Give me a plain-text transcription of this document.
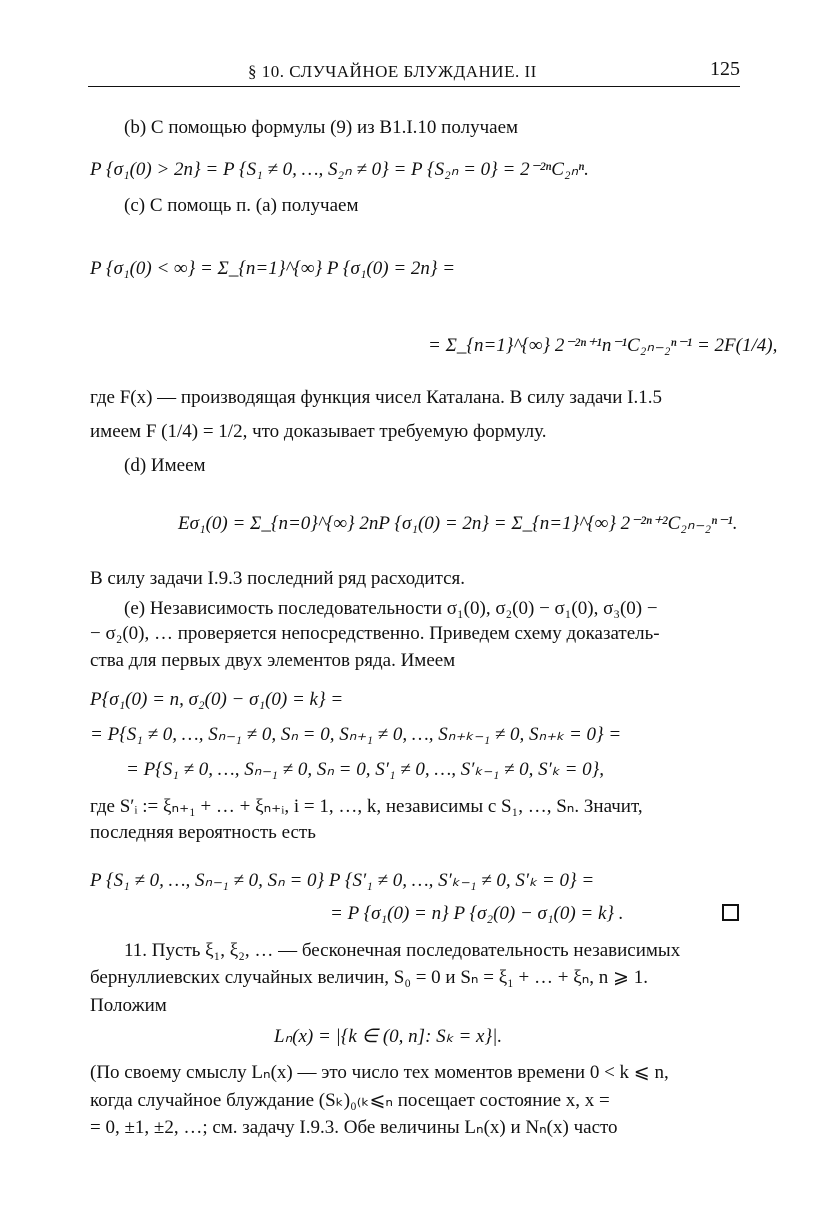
§ 10. СЛУЧАЙНОЕ БЛУЖДАНИЕ. II	125
(b) С помощью формулы (9) из В1.I.10 получаем
P {σ₁(0) > 2n} = P {S₁ ≠ 0, …, S₂ₙ ≠ 0} = P {S₂ₙ = 0} = 2⁻²ⁿC₂ₙⁿ.
(c) С помощь п. (а) получаем
P {σ₁(0) < ∞} = Σ_{n=1}^{∞} P {σ₁(0) = 2n} =
= Σ_{n=1}^{∞} 2⁻²ⁿ⁺¹n⁻¹C₂ₙ₋₂ⁿ⁻¹ = 2F(1/4),
где F(x) — производящая функция чисел Каталана. В силу задачи I.1.5
имеем F (1/4) = 1/2, что доказывает требуемую формулу.
(d) Имеем
Eσ₁(0) = Σ_{n=0}^{∞} 2nP {σ₁(0) = 2n} = Σ_{n=1}^{∞} 2⁻²ⁿ⁺²C₂ₙ₋₂ⁿ⁻¹.
В силу задачи I.9.3 последний ряд расходится.
(е) Независимость последовательности σ₁(0), σ₂(0) − σ₁(0), σ₃(0) −
− σ₂(0), … проверяется непосредственно. Приведем схему доказатель-
ства для первых двух элементов ряда. Имеем
P{σ₁(0) = n, σ₂(0) − σ₁(0) = k} =
= P{S₁ ≠ 0, …, Sₙ₋₁ ≠ 0, Sₙ = 0, Sₙ₊₁ ≠ 0, …, Sₙ₊ₖ₋₁ ≠ 0, Sₙ₊ₖ = 0} =
= P{S₁ ≠ 0, …, Sₙ₋₁ ≠ 0, Sₙ = 0, S′₁ ≠ 0, …, S′ₖ₋₁ ≠ 0, S′ₖ = 0},
где S′ᵢ := ξₙ₊₁ + … + ξₙ₊ᵢ, i = 1, …, k, независимы с S₁, …, Sₙ. Значит,
последняя вероятность есть
P {S₁ ≠ 0, …, Sₙ₋₁ ≠ 0, Sₙ = 0} P {S′₁ ≠ 0, …, S′ₖ₋₁ ≠ 0, S′ₖ = 0} =
= P {σ₁(0) = n} P {σ₂(0) − σ₁(0) = k} .
11. Пусть ξ₁, ξ₂, … — бесконечная последовательность независимых
бернуллиевских случайных величин, S₀ = 0 и Sₙ = ξ₁ + … + ξₙ, n ⩾ 1.
Положим
Lₙ(x) = |{k ∈ (0, n]: Sₖ = x}|.
(По своему смыслу Lₙ(x) — это число тех моментов времени 0 < k ⩽ n,
когда случайное блуждание (Sₖ)₀₍ₖ⩽ₙ посещает состояние x, x =
= 0, ±1, ±2, …; см. задачу I.9.3. Обе величины Lₙ(x) и Nₙ(x) часто
